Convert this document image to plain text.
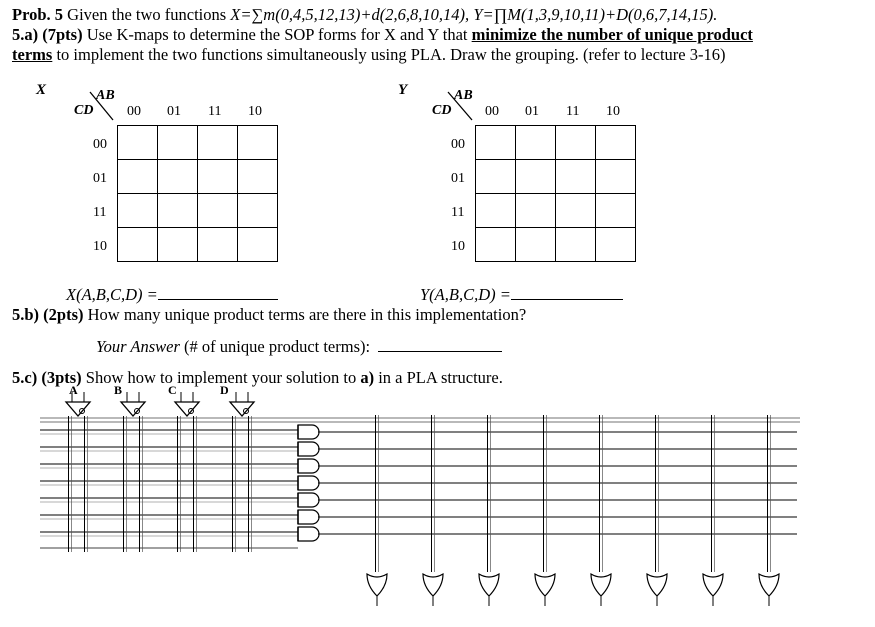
Prob. 5 Given the two functions X=∑m(0,4,5,12,13)+d(2,6,8,10,14), Y=∏M(1,3,9,10,11)+D(0,6,7,14,15).
5.a) (7pts) Use K-maps to determine the SOP forms for X and Y that minimize the number of unique product
terms to implement the two functions simultaneously using PLA. Draw the grouping. (refer to lecture 3-16)
X	AB
CD 00 01 11 10
00
01
11
10

Y	AB
CD 00 01 11 10
00
01
11
10

X(A,B,C,D) =	Y(A,B,C,D) =
5.b) (2pts) How many unique product terms are there in this implementation?
Your Answer (# of unique product terms):
5.c) (3pts) Show how to implement your solution to a) in a PLA structure.
A	B	C	D
